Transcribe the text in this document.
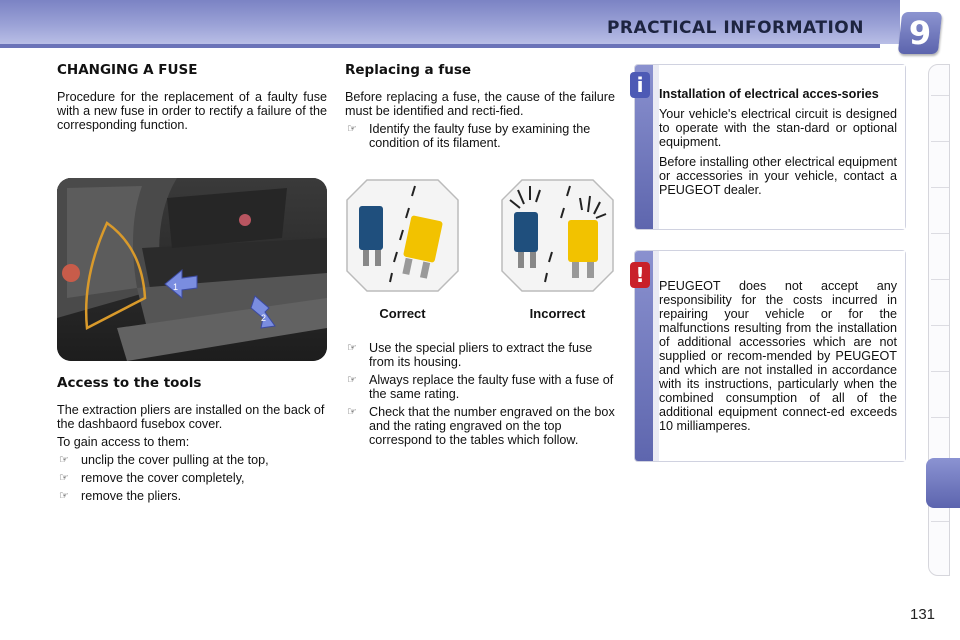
PRACTICAL INFORMATION 9
CHANGING A FUSE

Procedure for the replacement of a faulty fuse with a new fuse in order to rectify a failure of the corresponding function.

1
2
Access to the tools

The extraction pliers are installed on the back of the dashbaord fusebox cover.

To gain access to them:

☞ unclip the cover pulling at the top,
☞ remove the cover completely,
☞ remove the pliers.
Replacing a fuse

Before replacing a fuse, the cause of the failure must be identified and recti-fied.

☞ Identify the faulty fuse by examining the condition of its filament.
Correct	Incorrect
☞ Use the special pliers to extract the fuse from its housing.
☞ Always replace the faulty fuse with a fuse of the same rating.
☞ Check that the number engraved on the box and the rating engraved on the top correspond to the tables which follow.

Installation of electrical acces-sories

Your vehicle's electrical circuit is designed to operate with the stan-dard or optional equipment.

Before installing other electrical equipment or accessories in your vehicle, contact a PEUGEOT dealer.

i

PEUGEOT does not accept any responsibility for the costs incurred in repairing your vehicle or for the malfunctions resulting from the installation of additional accessories which are not supplied or recom-mended by PEUGEOT and which are not installed in accordance with its instructions, particularly when the combined consumption of all of the additional equipment connect-ed exceeds 10 milliamperes.

!
131
